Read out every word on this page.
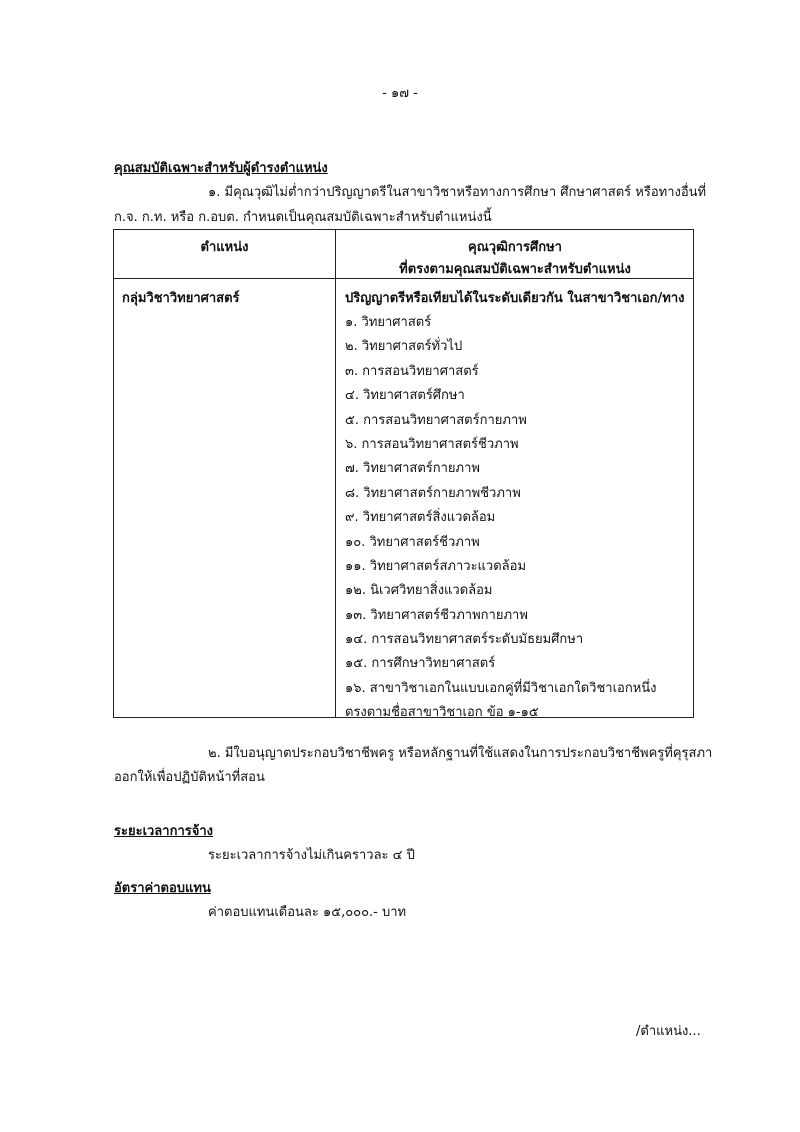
- ๑๗ -
คุณสมบัติเฉพาะสำหรับผู้ดำรงตำแหน่ง
๑. มีคุณวุฒิไม่ต่ำกว่าปริญญาตรีในสาขาวิชาหรือทางการศึกษา ศึกษาศาสตร์ หรือทางอื่นที่
ก.จ. ก.ท. หรือ ก.อบต. กำหนดเป็นคุณสมบัติเฉพาะสำหรับตำแหน่งนี้
ตำแหน่ง	คุณวุฒิการศึกษา
ที่ตรงตามคุณสมบัติเฉพาะสำหรับตำแหน่ง
กลุ่มวิชาวิทยาศาสตร์	ปริญญาตรีหรือเทียบได้ในระดับเดียวกัน ในสาขาวิชาเอก/ทาง
๑. วิทยาศาสตร์
๒. วิทยาศาสตร์ทั่วไป
๓. การสอนวิทยาศาสตร์
๔. วิทยาศาสตร์ศึกษา
๕. การสอนวิทยาศาสตร์กายภาพ
๖. การสอนวิทยาศาสตร์ชีวภาพ
๗. วิทยาศาสตร์กายภาพ
๘. วิทยาศาสตร์กายภาพชีวภาพ
๙. วิทยาศาสตร์สิ่งแวดล้อม
๑๐. วิทยาศาสตร์ชีวภาพ
๑๑. วิทยาศาสตร์สภาวะแวดล้อม
๑๒. นิเวศวิทยาสิ่งแวดล้อม
๑๓. วิทยาศาสตร์ชีวภาพกายภาพ
๑๔. การสอนวิทยาศาสตร์ระดับมัธยมศึกษา
๑๕. การศึกษาวิทยาศาสตร์
๑๖. สาขาวิชาเอกในแบบเอกคู่ที่มีวิชาเอกใดวิชาเอกหนึ่ง
ตรงตามชื่อสาขาวิชาเอก ข้อ ๑-๑๕
๒. มีใบอนุญาตประกอบวิชาชีพครู หรือหลักฐานที่ใช้แสดงในการประกอบวิชาชีพครูที่คุรุสภา
ออกให้เพื่อปฏิบัติหน้าที่สอน
ระยะเวลาการจ้าง
ระยะเวลาการจ้างไม่เกินคราวละ ๔ ปี
อัตราค่าตอบแทน
ค่าตอบแทนเดือนละ ๑๕,๐๐๐.- บาท
/ตำแหน่ง...
